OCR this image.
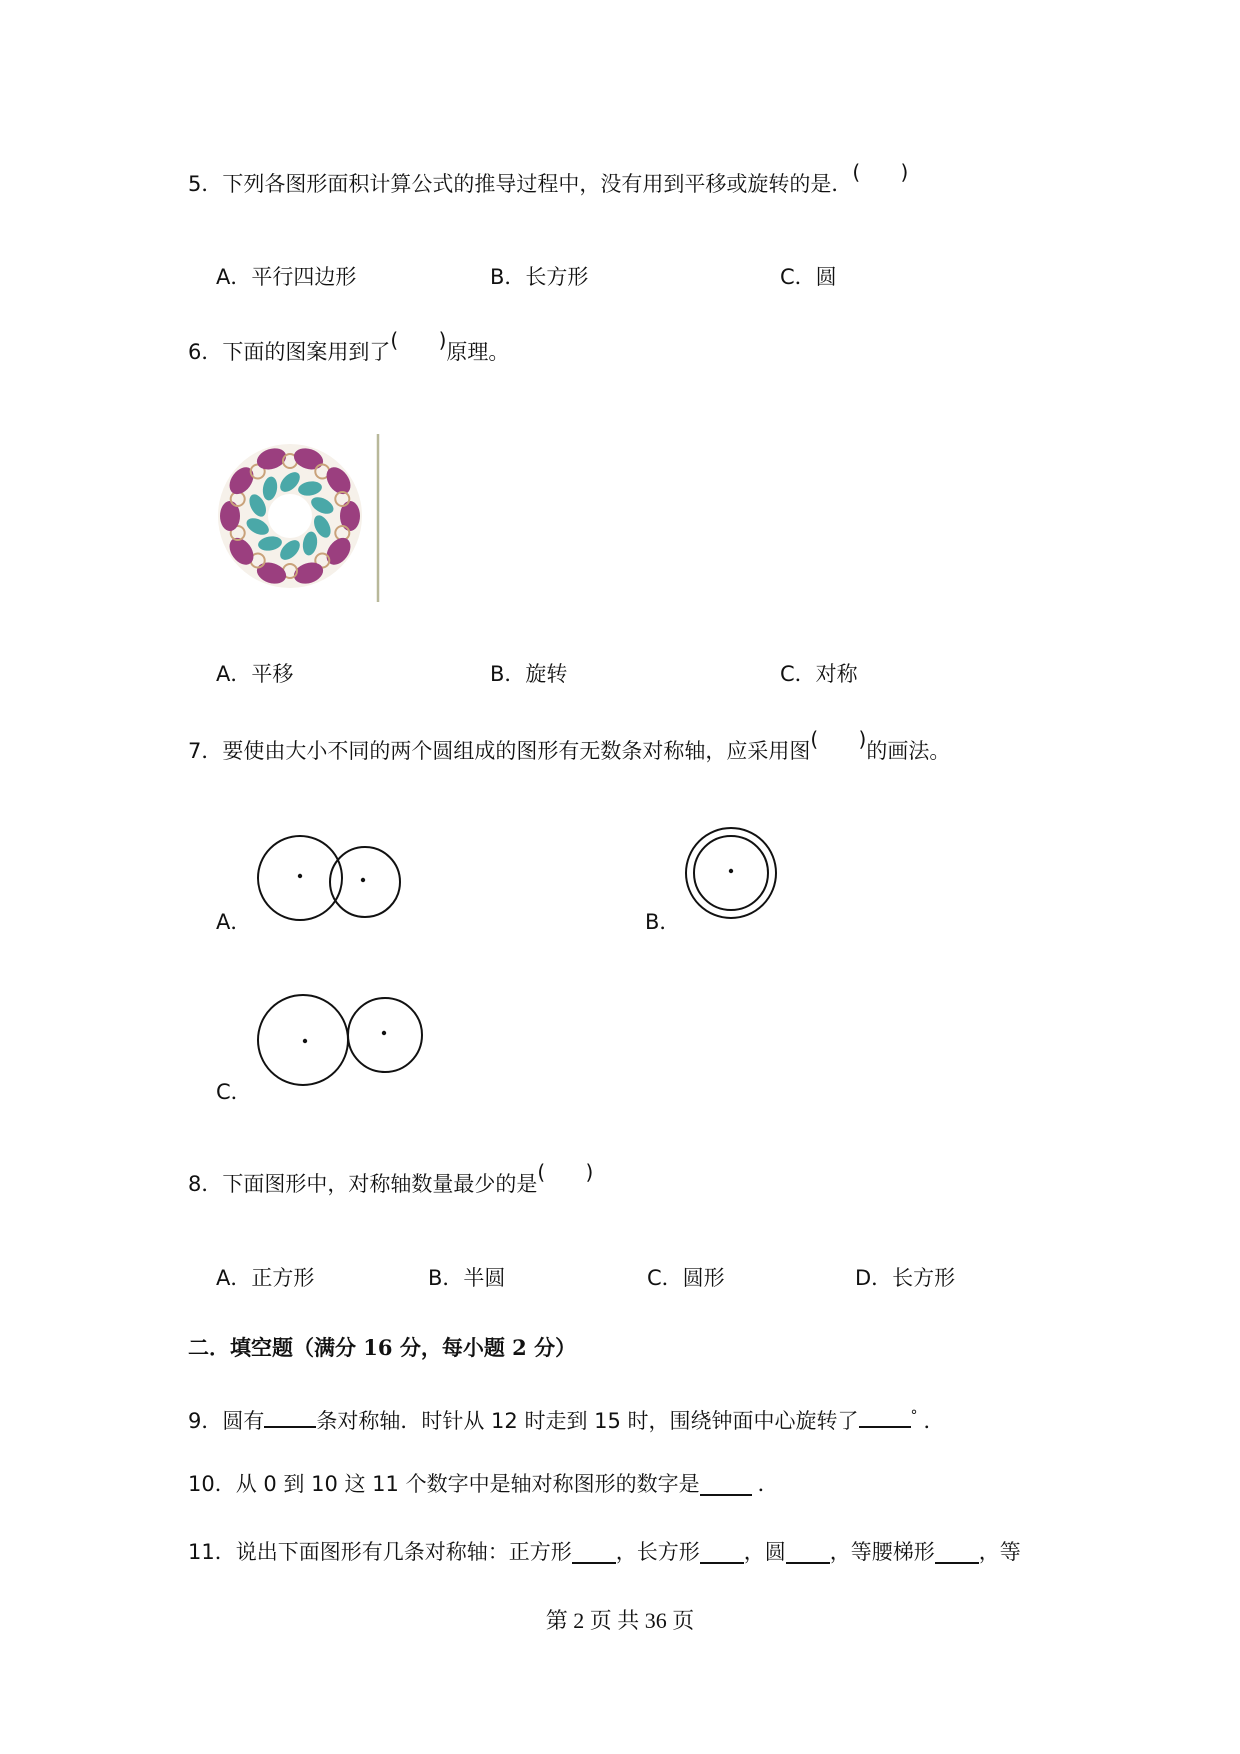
5．下列各图形面积计算公式的推导过程中，没有用到平移或旋转的是． ( )
A．平行四边形	B．长方形	C．圆
6．下面的图案用到了 ( ) 原理。
A．平移	B．旋转	C．对称
7．要使由大小不同的两个圆组成的图形有无数条对称轴，应采用图 ( ) 的画法。
A．	B．
C．
8．下面图形中，对称轴数量最少的是 ( )
A．正方形	B．半圆	C．圆形	D．长方形
二．填空题（满分 16 分，每小题 2 分）
9．圆有 条对称轴．时针从 12 时走到 15 时，围绕钟面中心旋转了	° ．
10．从 0 到 10 这 11 个数字中是轴对称图形的数字是	．
11．说出下面图形有几条对称轴：正方形 ，长方形 ，圆 ，等腰梯形 ，等
第 2 页 共 36 页
